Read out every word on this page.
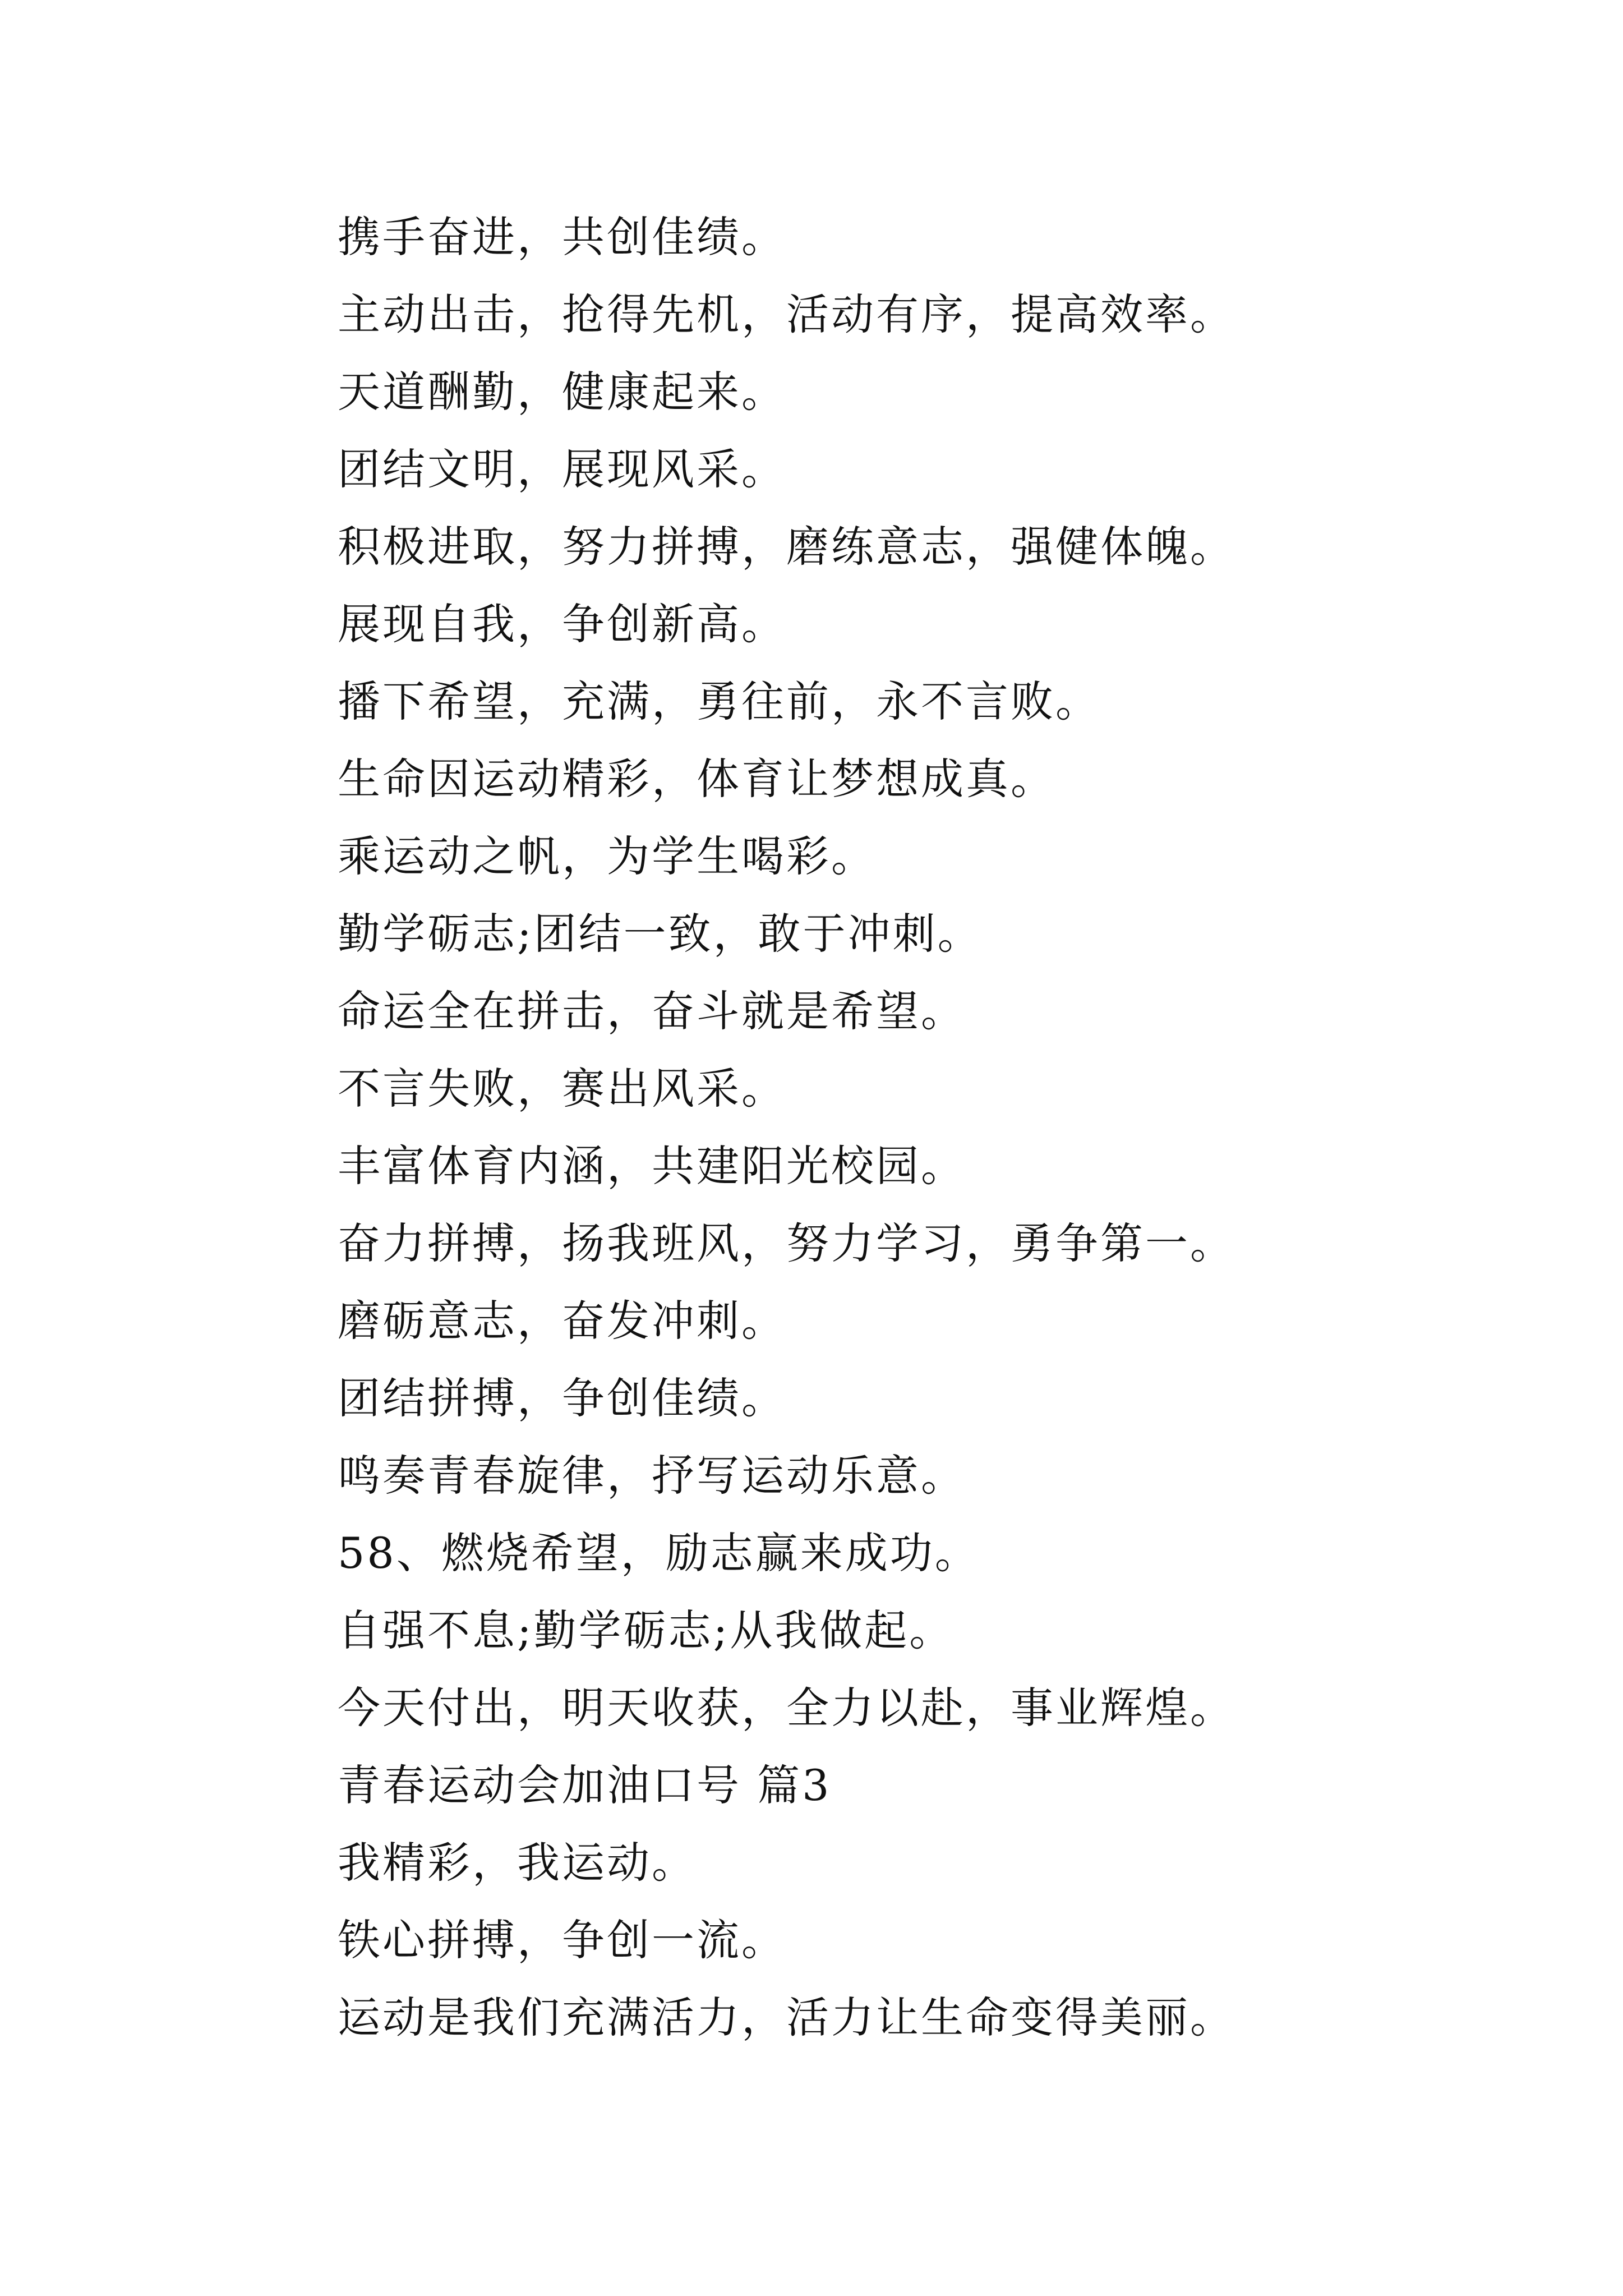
携手奋进，共创佳绩。
主动出击，抢得先机，活动有序，提高效率。
天道酬勤，健康起来。
团结文明，展现风采。
积极进取，努力拼搏，磨练意志，强健体魄。
展现自我，争创新高。
播下希望，充满，勇往前，永不言败。
生命因运动精彩，体育让梦想成真。
乘运动之帆，为学生喝彩。
勤学砺志;团结一致，敢于冲刺。
命运全在拼击，奋斗就是希望。
不言失败，赛出风采。
丰富体育内涵，共建阳光校园。
奋力拼搏，扬我班风，努力学习，勇争第一。
磨砺意志，奋发冲刺。
团结拼搏，争创佳绩。
鸣奏青春旋律，抒写运动乐意。
58、燃烧希望，励志赢来成功。
自强不息;勤学砺志;从我做起。
今天付出，明天收获，全力以赴，事业辉煌。
青春运动会加油口号 篇3
我精彩，我运动。
铁心拼搏，争创一流。
运动是我们充满活力，活力让生命变得美丽。
